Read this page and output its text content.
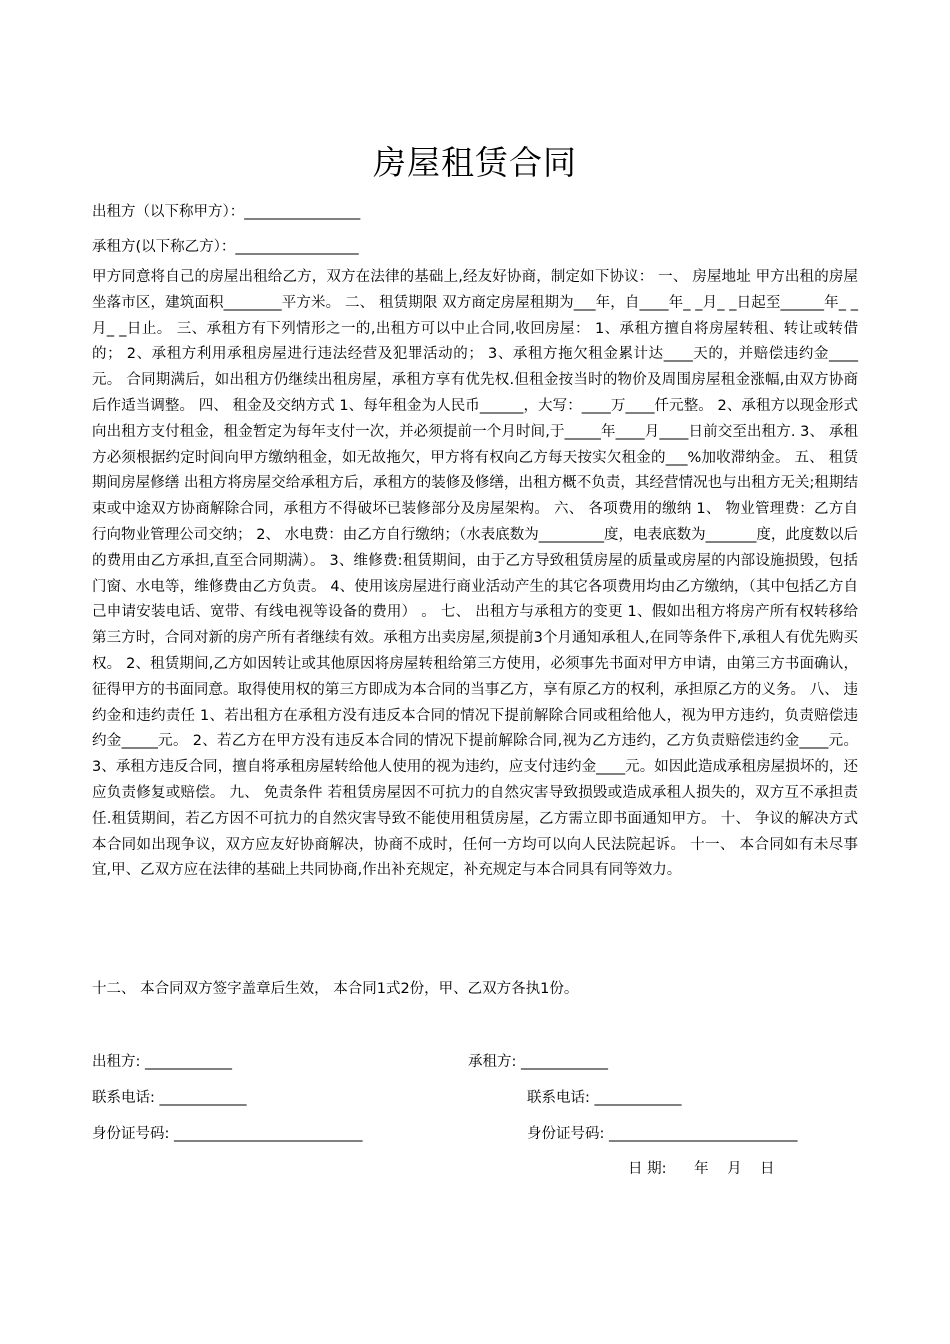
房屋租赁合同
出租方（以下称甲方）：________________
承租方(以下称乙方）：_________________

甲方同意将自己的房屋出租给乙方，双方在法律的基础上,经友好协商，制定如下协议： 一、 房屋地址 甲方出租的房屋坐落市区，建筑面积________平方米。 二、 租赁期限 双方商定房屋租期为___年，自____年_ _月_ _日起至______年_ _月_ _日止。 三、承租方有下列情形之一的,出租方可以中止合同,收回房屋： 1、承租方擅自将房屋转租、转让或转借的； 2、承租方利用承租房屋进行违法经营及犯罪活动的； 3、承租方拖欠租金累计达____天的，并赔偿违约金____元。 合同期满后，如出租方仍继续出租房屋，承租方享有优先权.但租金按当时的物价及周围房屋租金涨幅,由双方协商后作适当调整。 四、 租金及交纳方式 1、每年租金为人民币______，大写：____万____仟元整。 2、承租方以现金形式向出租方支付租金，租金暂定为每年支付一次，并必须提前一个月时间,于_____年____月____日前交至出租方. 3、 承租方必须根据约定时间向甲方缴纳租金，如无故拖欠，甲方将有权向乙方每天按实欠租金的___%加收滞纳金。 五、 租赁期间房屋修缮 出租方将房屋交给承租方后，承租方的装修及修缮，出租方概不负责，其经营情况也与出租方无关;租期结束或中途双方协商解除合同，承租方不得破坏已装修部分及房屋架构。 六、 各项费用的缴纳 1、 物业管理费：乙方自行向物业管理公司交纳； 2、 水电费：由乙方自行缴纳；（水表底数为_________度，电表底数为_______度，此度数以后的费用由乙方承担,直至合同期满）。 3、维修费:租赁期间，由于乙方导致租赁房屋的质量或房屋的内部设施损毁，包括门窗、水电等，维修费由乙方负责。 4、使用该房屋进行商业活动产生的其它各项费用均由乙方缴纳，（其中包括乙方自己申请安装电话、宽带、有线电视等设备的费用） 。 七、 出租方与承租方的变更 1、假如出租方将房产所有权转移给第三方时，合同对新的房产所有者继续有效。承租方出卖房屋,须提前3个月通知承租人,在同等条件下,承租人有优先购买权。 2、租赁期间,乙方如因转让或其他原因将房屋转租给第三方使用，必须事先书面对甲方申请，由第三方书面确认，征得甲方的书面同意。取得使用权的第三方即成为本合同的当事乙方，享有原乙方的权利，承担原乙方的义务。 八、 违约金和违约责任 1、若出租方在承租方没有违反本合同的情况下提前解除合同或租给他人，视为甲方违约，负责赔偿违约金_____元。 2、若乙方在甲方没有违反本合同的情况下提前解除合同,视为乙方违约，乙方负责赔偿违约金____元。3、承租方违反合同，擅自将承租房屋转给他人使用的视为违约，应支付违约金____元。如因此造成承租房屋损坏的，还应负责修复或赔偿。 九、 免责条件 若租赁房屋因不可抗力的自然灾害导致损毁或造成承租人损失的，双方互不承担责任.租赁期间，若乙方因不可抗力的自然灾害导致不能使用租赁房屋，乙方需立即书面通知甲方。 十、 争议的解决方式 本合同如出现争议，双方应友好协商解决，协商不成时，任何一方均可以向人民法院起诉。 十一、 本合同如有未尽事宜,甲、乙双方应在法律的基础上共同协商,作出补充规定，补充规定与本合同具有同等效力。

十二、 本合同双方签字盖章后生效， 本合同1式2份，甲、乙双方各执1份。
出租方: ____________	承租方: ____________
联系电话: ____________	联系电话: ____________
身份证号码: __________________________	身份证号码: __________________________
日 期:      年    月    日
